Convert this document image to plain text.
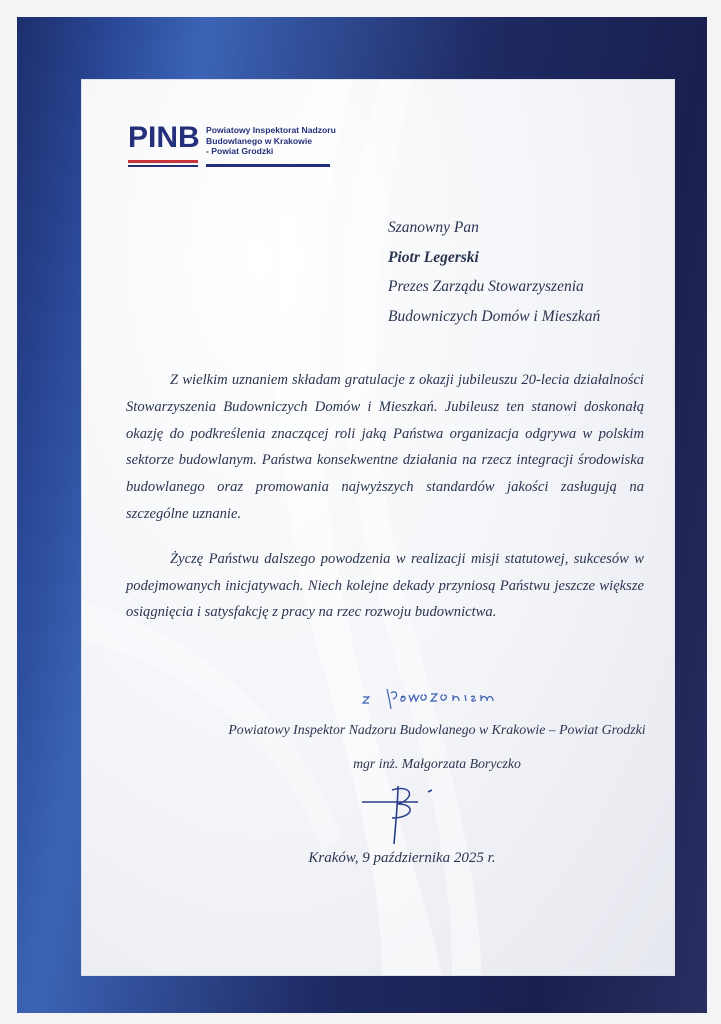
PINB Powiatowy Inspektorat Nadzoru
Budowlanego w Krakowie
- Powiat Grodzki
Szanowny Pan
Piotr Legerski
Prezes Zarządu Stowarzyszenia
Budowniczych Domów i Mieszkań

Z wielkim uznaniem składam gratulacje z okazji jubileuszu 20-lecia działalności Stowarzyszenia Budowniczych Domów i Mieszkań. Jubileusz ten stanowi doskonałą okazję do podkreślenia znaczącej roli jaką Państwa organizacja odgrywa w polskim sektorze budowlanym. Państwa konsekwentne działania na rzecz integracji środowiska budowlanego oraz promowania najwyższych standardów jakości zasługują na szczególne uznanie.

Życzę Państwu dalszego powodzenia w realizacji misji statutowej, sukcesów w podejmowanych inicjatywach. Niech kolejne dekady przyniosą Państwu jeszcze większe osiągnięcia i satysfakcję z pracy na rzec rozwoju budownictwa.

Powiatowy Inspektor Nadzoru Budowlanego w Krakowie – Powiat Grodzki
mgr inż. Małgorzata Boryczko
Kraków, 9 października 2025 r.
